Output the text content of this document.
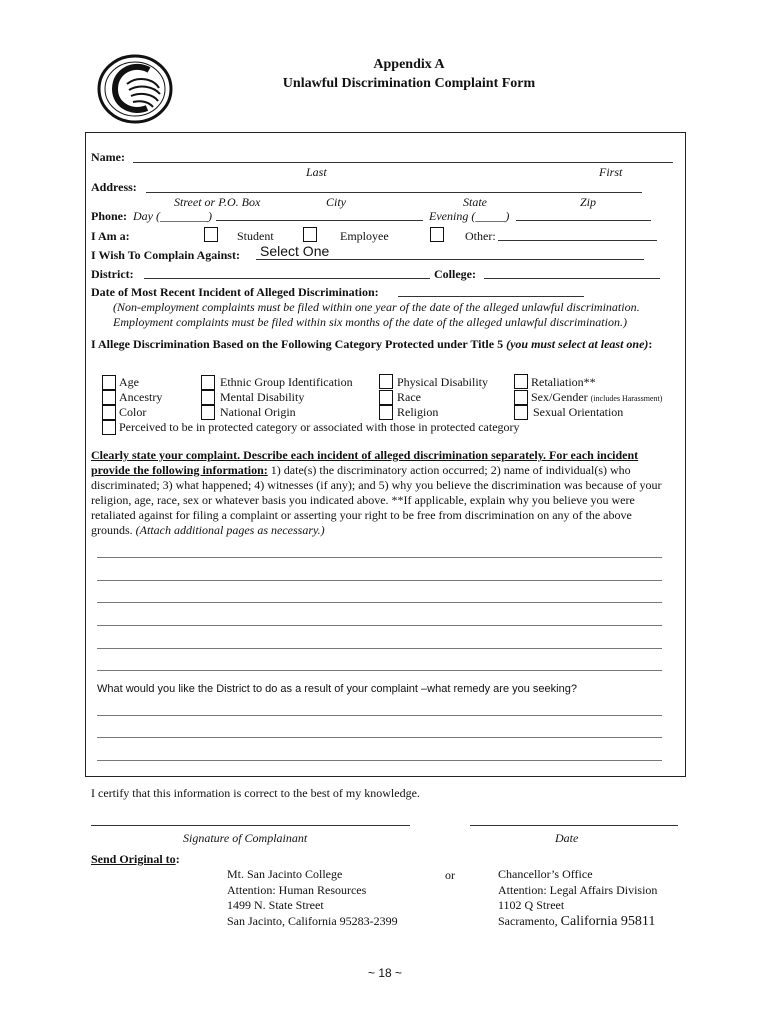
Appendix A
Unlawful Discrimination Complaint Form
Name:
Last	First
Address:
Street or P.O. Box	City	State	Zip
Phone: Day (________)	Evening (_____)
I Am a:	Student	Employee	Other:
I Wish To Complain Against: Select One
District:	College:
Date of Most Recent Incident of Alleged Discrimination:
(Non-employment complaints must be filed within one year of the date of the alleged unlawful discrimination.
Employment complaints must be filed within six months of the date of the alleged unlawful discrimination.)
I Allege Discrimination Based on the Following Category Protected under Title 5 (you must select at least one):
Age
Ancestry
Color
Perceived to be in protected category or associated with those in protected category
Ethnic Group Identification
Mental Disability
National Origin
Physical Disability
Race
Religion
Retaliation**
Sex/Gender (includes Harassment)
Sexual Orientation
Clearly state your complaint. Describe each incident of alleged discrimination separately. For each incident provide the following information: 1) date(s) the discriminatory action occurred; 2) name of individual(s) who discriminated; 3) what happened; 4) witnesses (if any); and 5) why you believe the discrimination was because of your religion, age, race, sex or whatever basis you indicated above. **If applicable, explain why you believe you were retaliated against for filing a complaint or asserting your right to be free from discrimination on any of the above grounds. (Attach additional pages as necessary.)
What would you like the District to do as a result of your complaint –what remedy are you seeking?
I certify that this information is correct to the best of my knowledge.
Signature of Complainant	Date
Send Original to:
Mt. San Jacinto College
Attention: Human Resources
1499 N. State Street
San Jacinto, California 95283-2399
or	Chancellor’s Office
Attention: Legal Affairs Division
1102 Q Street
Sacramento, California 95811
~ 18 ~
